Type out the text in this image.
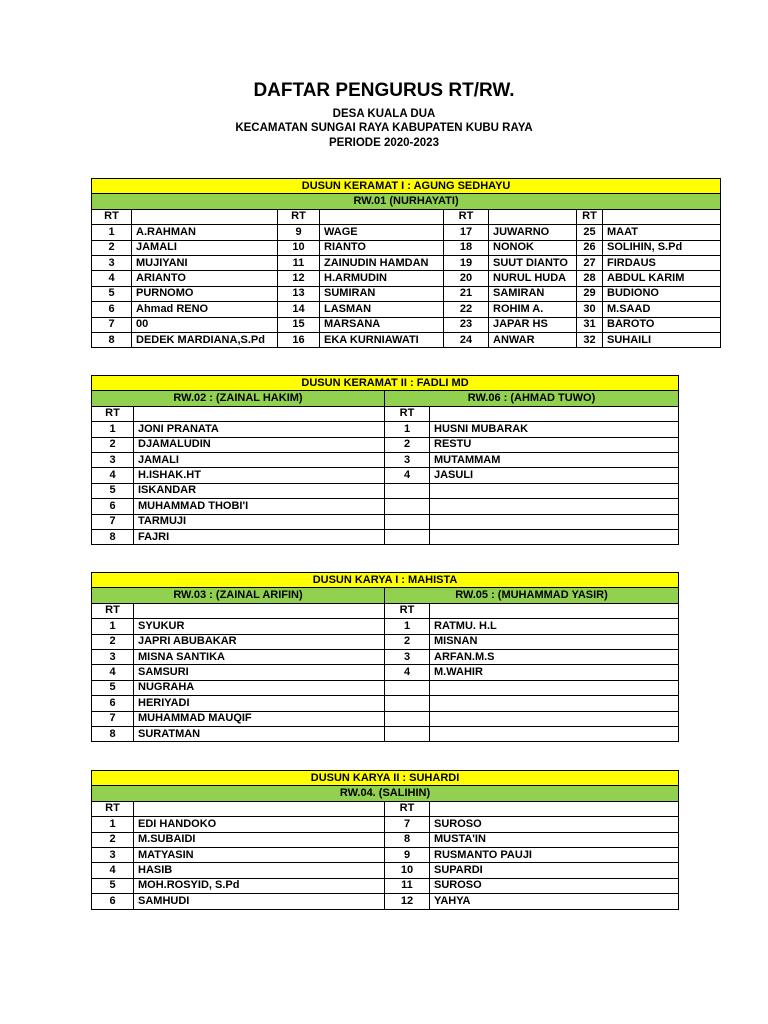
DAFTAR PENGURUS RT/RW.
DESA KUALA DUA
KECAMATAN SUNGAI RAYA KABUPATEN KUBU RAYA
PERIODE 2020-2023
DUSUN KERAMAT I : AGUNG SEDHAYU							
RW.01 (NURHAYATI)							
RT		RT		RT		RT	
1	A.RAHMAN	9	WAGE	17	JUWARNO	25	MAAT
2	JAMALI	10	RIANTO	18	NONOK	26	SOLIHIN, S.Pd
3	MUJIYANI	11	ZAINUDIN HAMDAN	19	SUUT DIANTO	27	FIRDAUS
4	ARIANTO	12	H.ARMUDIN	20	NURUL HUDA	28	ABDUL KARIM
5	PURNOMO	13	SUMIRAN	21	SAMIRAN	29	BUDIONO
6	Ahmad RENO	14	LASMAN	22	ROHIM A.	30	M.SAAD
7	00	15	MARSANA	23	JAPAR HS	31	BAROTO
8	DEDEK MARDIANA,S.Pd	16	EKA KURNIAWATI	24	ANWAR	32	SUHAILI
DUSUN KERAMAT II : FADLI MD			
RW.02 : (ZAINAL HAKIM)		RW.06 : (AHMAD TUWO)	
RT		RT	
1	JONI PRANATA	1	HUSNI MUBARAK
2	DJAMALUDIN	2	RESTU
3	JAMALI	3	MUTAMMAM
4	H.ISHAK.HT	4	JASULI
5	ISKANDAR		
6	MUHAMMAD THOBI'I		
7	TARMUJI		
8	FAJRI		
DUSUN KARYA I : MAHISTA			
RW.03 : (ZAINAL ARIFIN)		RW.05 : (MUHAMMAD YASIR)	
RT		RT	
1	SYUKUR	1	RATMU. H.L
2	JAPRI ABUBAKAR	2	MISNAN
3	MISNA SANTIKA	3	ARFAN.M.S
4	SAMSURI	4	M.WAHIR
5	NUGRAHA		
6	HERIYADI		
7	MUHAMMAD MAUQIF		
8	SURATMAN		
DUSUN KARYA II : SUHARDI			
RW.04. (SALIHIN)			
RT		RT	
1	EDI HANDOKO	7	SUROSO
2	M.SUBAIDI	8	MUSTA'IN
3	MATYASIN	9	RUSMANTO PAUJI
4	HASIB	10	SUPARDI
5	MOH.ROSYID, S.Pd	11	SUROSO
6	SAMHUDI	12	YAHYA
